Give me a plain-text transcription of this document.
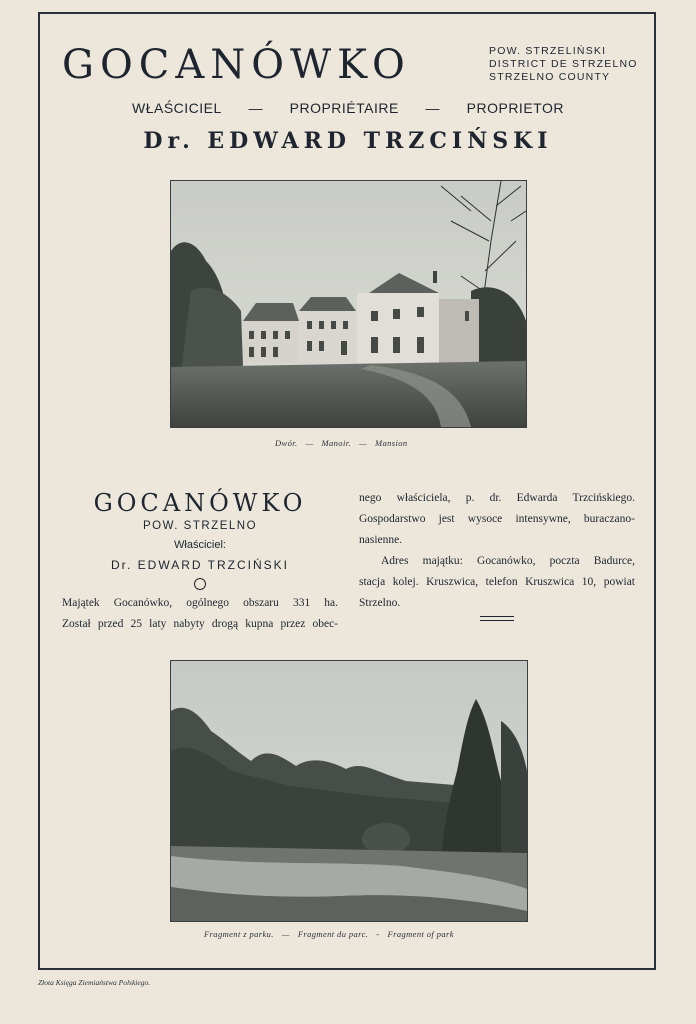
GOCANÓWKO	POW. STRZELIŃSKI
DISTRICT DE STRZELNO
STRZELNO COUNTY
WŁAŚCICIEL — PROPRIÉTAIRE — PROPRIETOR
Dr. EDWARD TRZCIŃSKI
Dwór. — Manoir. — Mansion
GOCANÓWKO
POW. STRZELNO
Właściciel:
Dr. EDWARD TRZCIŃSKI
Majątek Gocanówko, ogólnego obszaru 331 ha.
Został przed 25 laty nabyty drogą kupna przez obec-
nego właściciela, p. dr. Edwarda Trzcińskiego.
Gospodarstwo jest wysoce intensywne, buraczano-
nasienne.
Adres majątku: Gocanówko, poczta Badurce,
stacja kolej. Kruszwica, telefon Kruszwica 10, powiat
Strzelno.
Fragment z parku. — Fragment du parc. - Fragment of park
Złota Księga Ziemiaństwa Polskiego.
